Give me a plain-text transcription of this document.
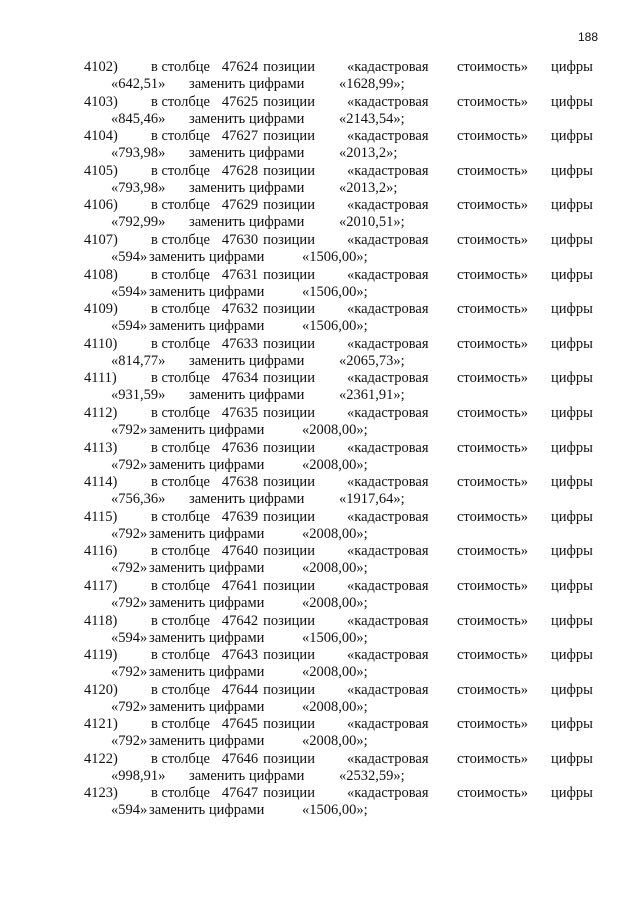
188
4102) в столбце 47624 позиции «кадастровая стоимость» цифры
«642,51» заменить цифрами «1628,99»;
4103) в столбце 47625 позиции «кадастровая стоимость» цифры
«845,46» заменить цифрами «2143,54»;
4104) в столбце 47627 позиции «кадастровая стоимость» цифры
«793,98» заменить цифрами «2013,2»;
4105) в столбце 47628 позиции «кадастровая стоимость» цифры
«793,98» заменить цифрами «2013,2»;
4106) в столбце 47629 позиции «кадастровая стоимость» цифры
«792,99» заменить цифрами «2010,51»;
4107) в столбце 47630 позиции «кадастровая стоимость» цифры
«594» заменить цифрами	«1506,00»;
4108) в столбце 47631 позиции «кадастровая стоимость» цифры
«594» заменить цифрами	«1506,00»;
4109) в столбце 47632 позиции «кадастровая стоимость» цифры
«594» заменить цифрами	«1506,00»;
4110) в столбце 47633 позиции «кадастровая стоимость» цифры
«814,77» заменить цифрами «2065,73»;
4111) в столбце 47634 позиции «кадастровая стоимость» цифры
«931,59» заменить цифрами «2361,91»;
4112) в столбце 47635 позиции «кадастровая стоимость» цифры
«792» заменить цифрами	«2008,00»;
4113) в столбце 47636 позиции «кадастровая стоимость» цифры
«792» заменить цифрами	«2008,00»;
4114) в столбце 47638 позиции «кадастровая стоимость» цифры
«756,36» заменить цифрами «1917,64»;
4115) в столбце 47639 позиции «кадастровая стоимость» цифры
«792» заменить цифрами	«2008,00»;
4116) в столбце 47640 позиции «кадастровая стоимость» цифры
«792» заменить цифрами	«2008,00»;
4117) в столбце 47641 позиции «кадастровая стоимость» цифры
«792» заменить цифрами	«2008,00»;
4118) в столбце 47642 позиции «кадастровая стоимость» цифры
«594» заменить цифрами	«1506,00»;
4119) в столбце 47643 позиции «кадастровая стоимость» цифры
«792» заменить цифрами	«2008,00»;
4120) в столбце 47644 позиции «кадастровая стоимость» цифры
«792» заменить цифрами	«2008,00»;
4121) в столбце 47645 позиции «кадастровая стоимость» цифры
«792» заменить цифрами	«2008,00»;
4122) в столбце 47646 позиции «кадастровая стоимость» цифры
«998,91» заменить цифрами «2532,59»;
4123) в столбце 47647 позиции «кадастровая стоимость» цифры
«594» заменить цифрами	«1506,00»;
